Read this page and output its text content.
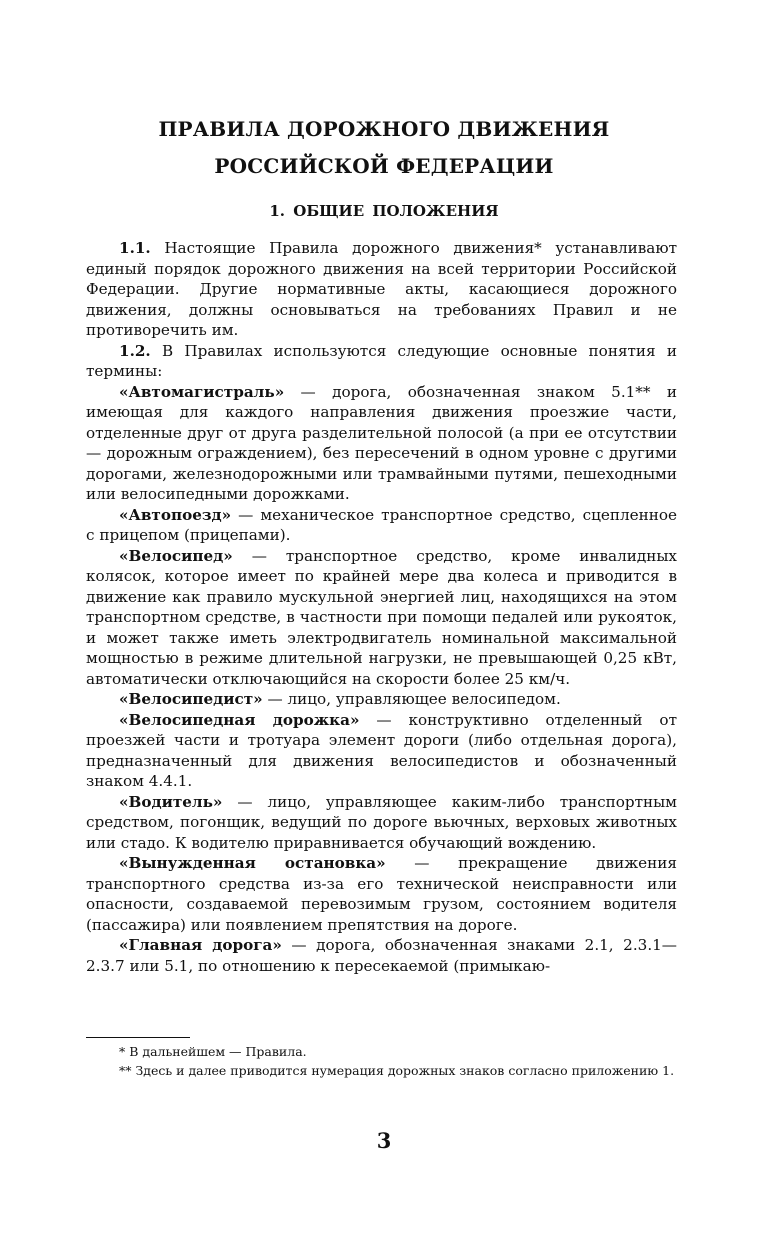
ПРАВИЛА ДОРОЖНОГО ДВИЖЕНИЯ
РОССИЙСКОЙ ФЕДЕРАЦИИ
1. ОБЩИЕ ПОЛОЖЕНИЯ

1.1. Настоящие Правила дорожного движения* устанавливают единый порядок дорожного движения на всей территории Российской Федерации. Другие нормативные акты, касающиеся дорожного движения, должны основываться на требованиях Правил и не противоречить им.

1.2. В Правилах используются следующие основные понятия и термины:

«Автомагистраль» — дорога, обозначенная знаком 5.1** и имеющая для каждого направления движения проезжие части, отделенные друг от друга разделительной полосой (а при ее отсутствии — дорожным ограждением), без пересечений в одном уровне с другими дорогами, железнодорожными или трамвайными путями, пешеходными или велосипедными дорожками.

«Автопоезд» — механическое транспортное средство, сцепленное с прицепом (прицепами).

«Велосипед» — транспортное средство, кроме инвалидных колясок, которое имеет по крайней мере два колеса и приводится в движение как правило мускульной энергией лиц, находящихся на этом транспортном средстве, в частности при помощи педалей или рукояток, и может также иметь электродвигатель номинальной максимальной мощностью в режиме длительной нагрузки, не превышающей 0,25 кВт, автоматически отключающийся на скорости более 25 км/ч.

«Велосипедист» — лицо, управляющее велосипедом.

«Велосипедная дорожка» — конструктивно отделенный от проезжей части и тротуара элемент дороги (либо отдельная дорога), предназначенный для движения велосипедистов и обозначенный знаком 4.4.1.

«Водитель» — лицо, управляющее каким-либо транспортным средством, погонщик, ведущий по дороге вьючных, верховых животных или стадо. К водителю приравнивается обучающий вождению.

«Вынужденная остановка» — прекращение движения транспортного средства из-за его технической неисправности или опасности, создаваемой перевозимым грузом, состоянием водителя (пассажира) или появлением препятствия на дороге.

«Главная дорога» — дорога, обозначенная знаками 2.1, 2.3.1—2.3.7 или 5.1, по отношению к пересекаемой (примыкаю-

* В дальнейшем — Правила.

** Здесь и далее приводится нумерация дорожных знаков согласно приложению 1.

3
